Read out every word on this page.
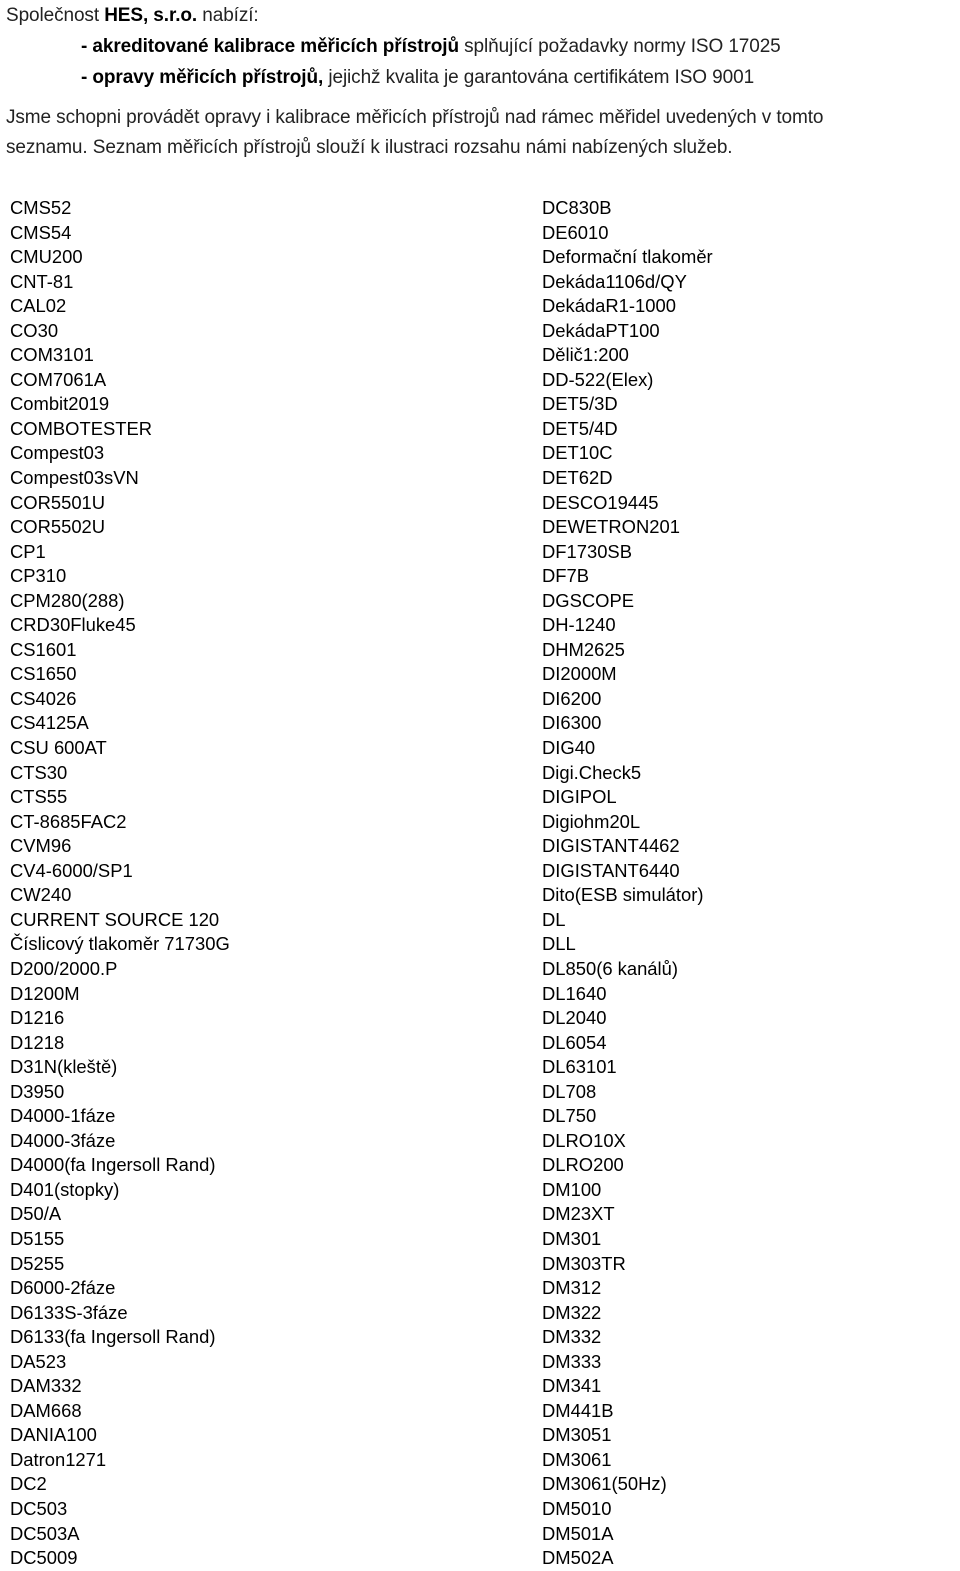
Společnost HES, s.r.o. nabízí:
- akreditované kalibrace měřicích přístrojů splňující požadavky normy ISO 17025
- opravy měřicích přístrojů, jejichž kvalita je garantována certifikátem ISO 9001
Jsme schopni provádět opravy i kalibrace měřicích přístrojů nad rámec měřidel uvedených v tomto
seznamu. Seznam měřicích přístrojů slouží k ilustraci rozsahu námi nabízených služeb.
CMS52
CMS54
CMU200
CNT-81
CAL02
CO30
COM3101
COM7061A
Combit2019
COMBOTESTER
Compest03
Compest03sVN
COR5501U
COR5502U
CP1
CP310
CPM280(288)
CRD30Fluke45
CS1601
CS1650
CS4026
CS4125A
CSU 600AT
CTS30
CTS55
CT-8685FAC2
CVM96
CV4-6000/SP1
CW240
CURRENT SOURCE 120
Číslicový tlakoměr 71730G
D200/2000.P
D1200M
D1216
D1218
D31N(kleště)
D3950
D4000-1fáze
D4000-3fáze
D4000(fa Ingersoll Rand)
D401(stopky)
D50/A
D5155
D5255
D6000-2fáze
D6133S-3fáze
D6133(fa Ingersoll Rand)
DA523
DAM332
DAM668
DANIA100
Datron1271
DC2
DC503
DC503A
DC5009
DC830B
DE6010
Deformační tlakoměr
Dekáda1106d/QY
DekádaR1-1000
DekádaPT100
Dělič1:200
DD-522(Elex)
DET5/3D
DET5/4D
DET10C
DET62D
DESCO19445
DEWETRON201
DF1730SB
DF7B
DGSCOPE
DH-1240
DHM2625
DI2000M
DI6200
DI6300
DIG40
Digi.Check5
DIGIPOL
Digiohm20L
DIGISTANT4462
DIGISTANT6440
Dito(ESB simulátor)
DL
DLL
DL850(6 kanálů)
DL1640
DL2040
DL6054
DL63101
DL708
DL750
DLRO10X
DLRO200
DM100
DM23XT
DM301
DM303TR
DM312
DM322
DM332
DM333
DM341
DM441B
DM3051
DM3061
DM3061(50Hz)
DM5010
DM501A
DM502A
